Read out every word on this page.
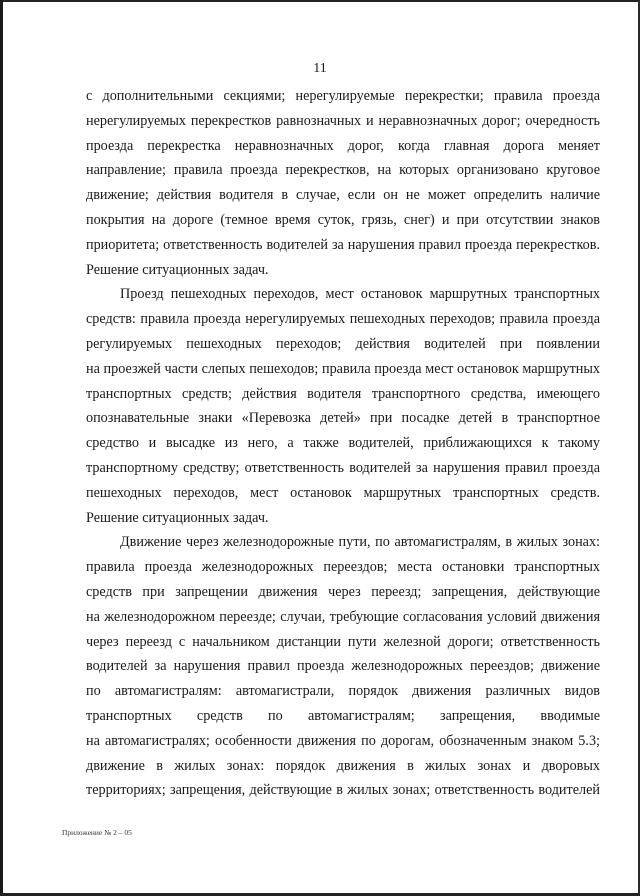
11
с дополнительными секциями; нерегулируемые перекрестки; правила проезда
нерегулируемых перекрестков равнозначных и неравнозначных дорог; очередность
проезда перекрестка неравнозначных дорог, когда главная дорога меняет
направление; правила проезда перекрестков, на которых организовано круговое
движение; действия водителя в случае, если он не может определить наличие
покрытия на дороге (темное время суток, грязь, снег) и при отсутствии знаков
приоритета; ответственность водителей за нарушения правил проезда перекрестков.
Решение ситуационных задач.
Проезд пешеходных переходов, мест остановок маршрутных транспортных
средств: правила проезда нерегулируемых пешеходных переходов; правила проезда
регулируемых пешеходных переходов; действия водителей при появлении
на проезжей части слепых пешеходов; правила проезда мест остановок маршрутных
транспортных средств; действия водителя транспортного средства, имеющего
опознавательные знаки «Перевозка детей» при посадке детей в транспортное
средство и высадке из него, а также водителей, приближающихся к такому
транспортному средству; ответственность водителей за нарушения правил проезда
пешеходных переходов, мест остановок маршрутных транспортных средств.
Решение ситуационных задач.
Движение через железнодорожные пути, по автомагистралям, в жилых зонах:
правила проезда железнодорожных переездов; места остановки транспортных
средств при запрещении движения через переезд; запрещения, действующие
на железнодорожном переезде; случаи, требующие согласования условий движения
через переезд с начальником дистанции пути железной дороги; ответственность
водителей за нарушения правил проезда железнодорожных переездов; движение
по автомагистралям: автомагистрали, порядок движения различных видов
транспортных средств по автомагистралям; запрещения, вводимые
на автомагистралях; особенности движения по дорогам, обозначенным знаком 5.3;
движение в жилых зонах: порядок движения в жилых зонах и дворовых
территориях; запрещения, действующие в жилых зонах; ответственность водителей
Приложение № 2 – 05
